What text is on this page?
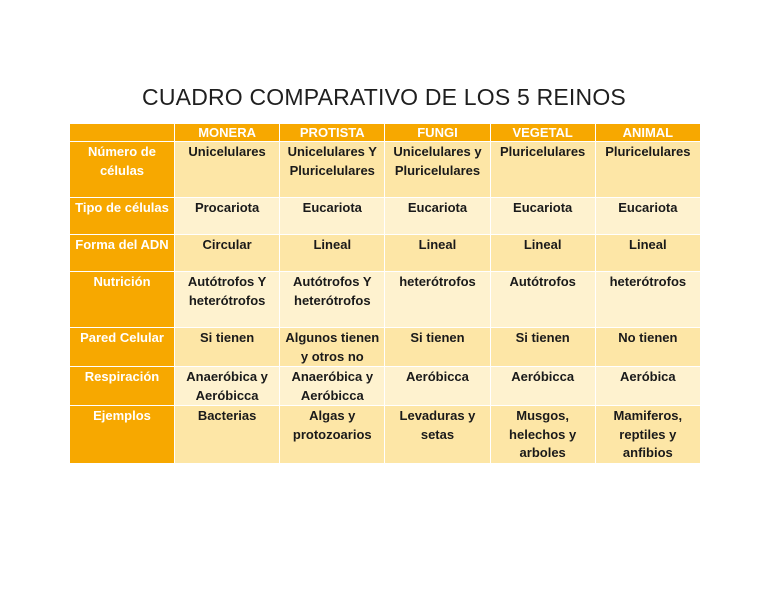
CUADRO COMPARATIVO DE LOS 5 REINOS
	MONERA	PROTISTA	FUNGI	VEGETAL	ANIMAL
Número de células	Unicelulares	Unicelulares Y Pluricelulares	Unicelulares y Pluricelulares	Pluricelulares	Pluricelulares
Tipo de células	Procariota	Eucariota	Eucariota	Eucariota	Eucariota
Forma del ADN	Circular	Lineal	Lineal	Lineal	Lineal
Nutrición	Autótrofos Y heterótrofos	Autótrofos Y heterótrofos	heterótrofos	Autótrofos	heterótrofos
Pared Celular	Si tienen	Algunos tienen y otros no	Si tienen	Si tienen	No tienen
Respiración	Anaeróbica y Aeróbicca	Anaeróbica y Aeróbicca	Aeróbicca	Aeróbicca	Aeróbica
Ejemplos	Bacterias	Algas y protozoarios	Levaduras y setas	Musgos, helechos y arboles	Mamiferos, reptiles y anfibios
